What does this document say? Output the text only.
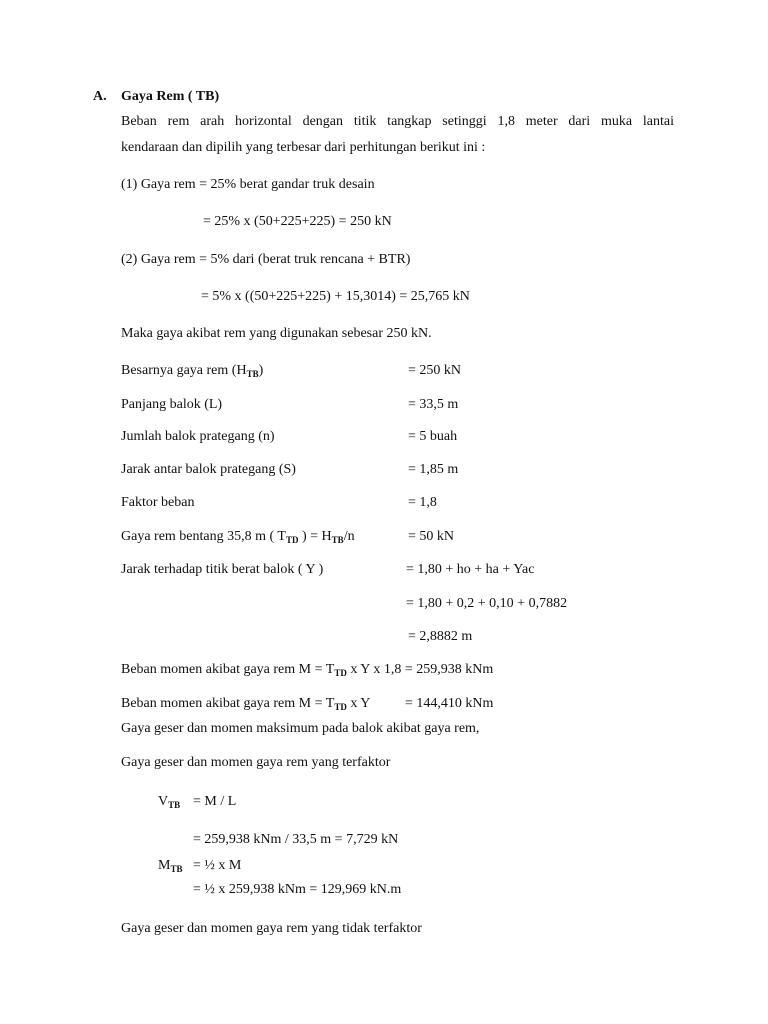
A. Gaya Rem ( TB)
Beban rem arah horizontal dengan titik tangkap setinggi 1,8 meter dari muka lantai
kendaraan dan dipilih yang terbesar dari perhitungan berikut ini :
(1) Gaya rem = 25% berat gandar truk desain
= 25% x (50+225+225) = 250 kN
(2) Gaya rem = 5% dari (berat truk rencana + BTR)
= 5% x ((50+225+225) + 15,3014) = 25,765 kN
Maka gaya akibat rem yang digunakan sebesar 250 kN.
Besarnya gaya rem $(H_{TB})$	= 250 kN
Panjang balok (L)	= 33,5 m
Jumlah balok prategang (n)	= 5 buah
Jarak antar balok prategang (S)	= 1,85 m
Faktor beban	= 1,8
Gaya rem bentang 35,8 m ( $T_{TD}$ ) = $H_{TB}/n$	= 50 kN
Jarak terhadap titik berat balok ( Y )	= 1,80 + ho + ha + Yac
= 1,80 + 0,2 + 0,10 + 0,7882
= 2,8882 m
Beban momen akibat gaya rem $M = T_{TD}$ x Y x 1,8 = 259,938 kNm
Beban momen akibat gaya rem $M = T_{TD}$ x Y = 144,410 kNm
Gaya geser dan momen maksimum pada balok akibat gaya rem,
Gaya geser dan momen gaya rem yang terfaktor
$V_{TB} = M / L$
= 259,938 kNm / 33,5 m = 7,729 kN
$M_{TB}$ = ½ x M
= ½ x 259,938 kNm = 129,969 kN.m
Gaya geser dan momen gaya rem yang tidak terfaktor
